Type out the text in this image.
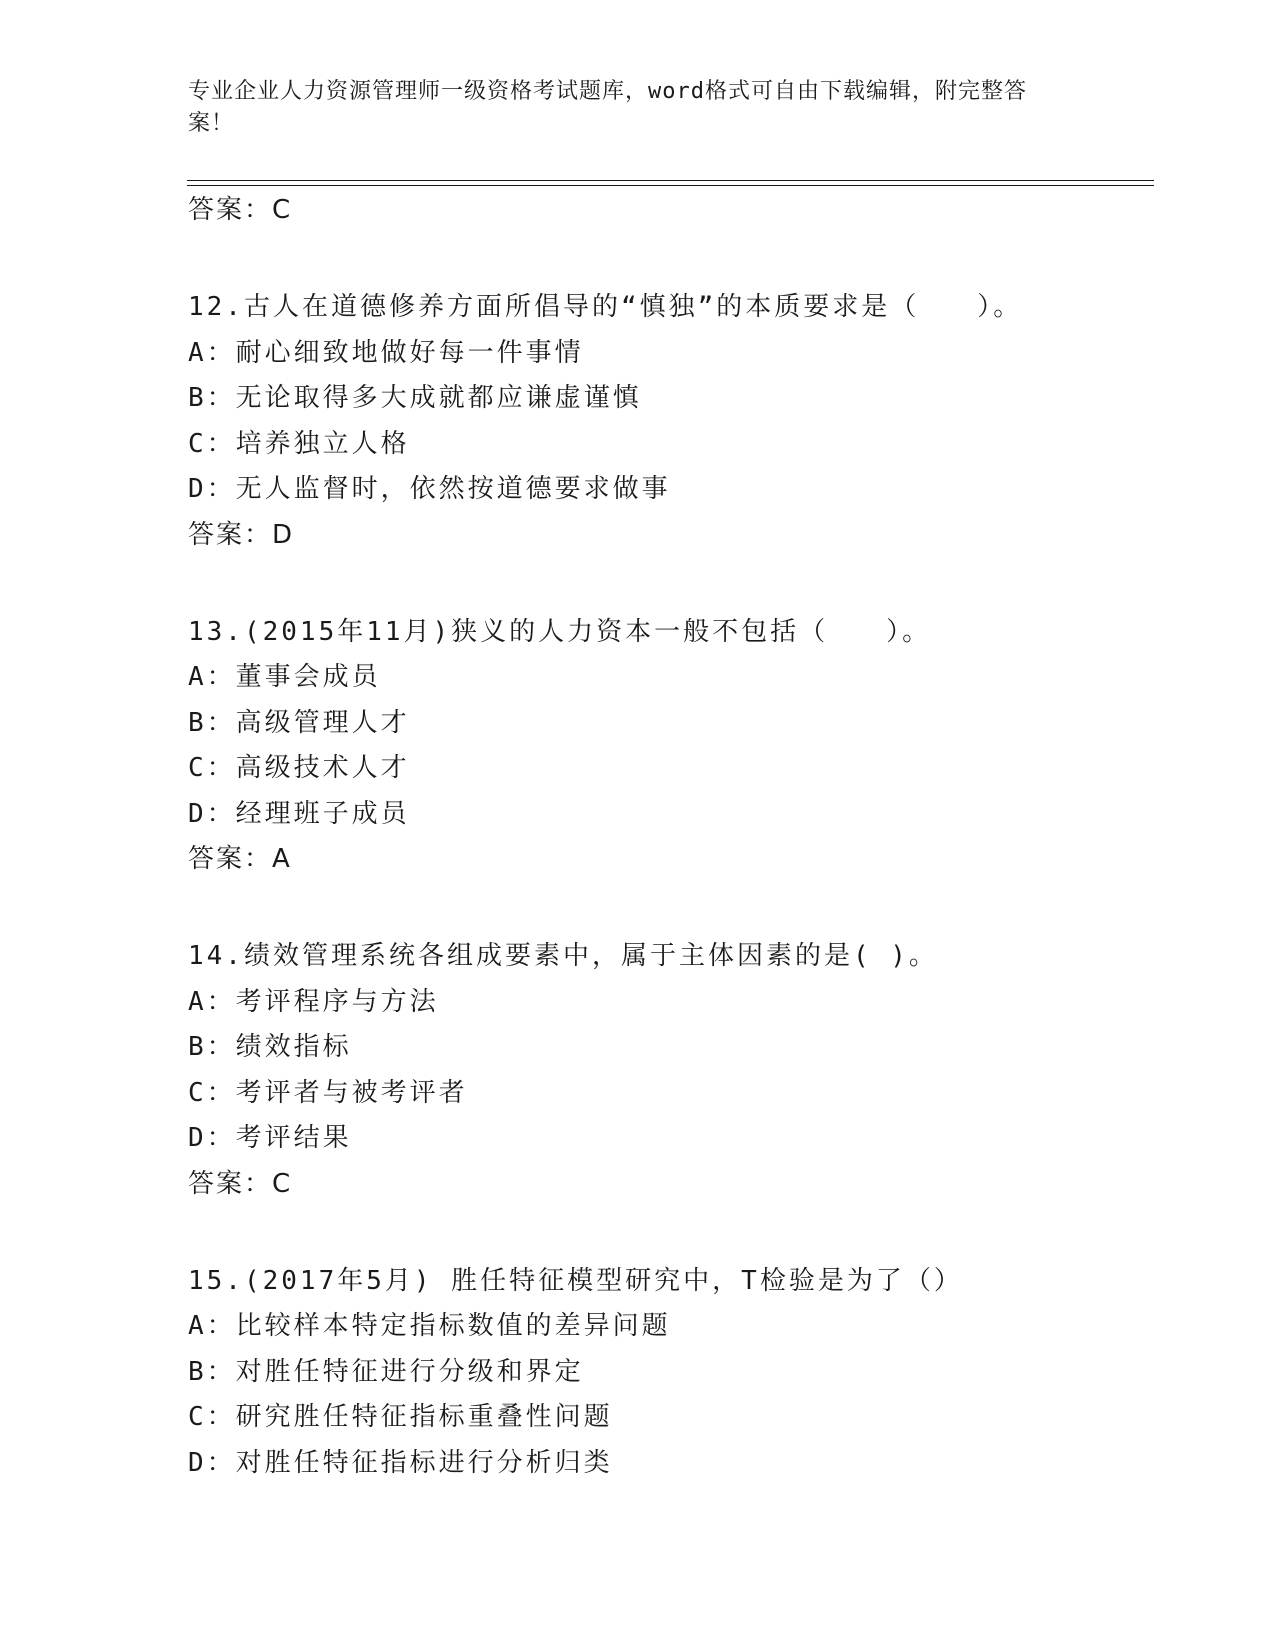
专业企业人力资源管理师一级资格考试题库，word格式可自由下载编辑，附完整答案！
答案：C
12.古人在道德修养方面所倡导的“慎独”的本质要求是（　　）。
A：耐心细致地做好每一件事情
B：无论取得多大成就都应谦虚谨慎
C：培养独立人格
D：无人监督时，依然按道德要求做事
答案：D
13.(2015年11月)狭义的人力资本一般不包括（　　）。
A：董事会成员
B：高级管理人才
C：高级技术人才
D：经理班子成员
答案：A
14.绩效管理系统各组成要素中，属于主体因素的是( )。
A：考评程序与方法
B：绩效指标
C：考评者与被考评者
D：考评结果
答案：C
15.(2017年5月) 胜任特征模型研究中，T检验是为了（）
A：比较样本特定指标数值的差异问题
B：对胜任特征进行分级和界定
C：研究胜任特征指标重叠性问题
D：对胜任特征指标进行分析归类
